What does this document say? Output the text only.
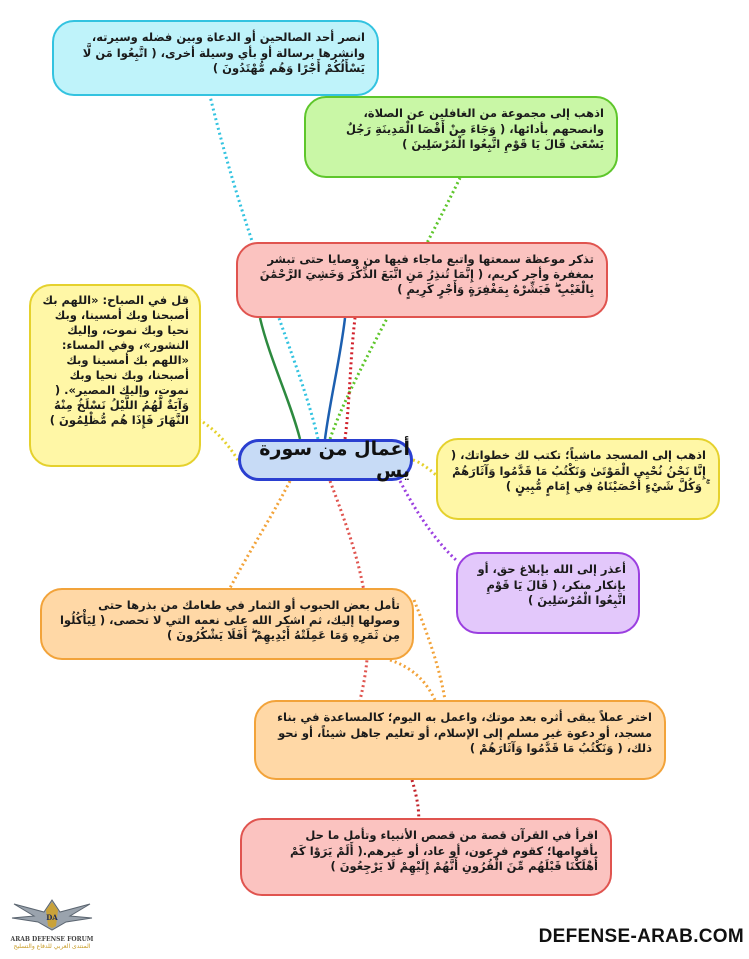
انصر أحد الصالحين أو الدعاة وبين فضله وسيرته، وانشرها برسالة أو بأي وسيلة أخرى، ( اتَّبِعُوا مَن لَّا يَسْأَلُكُمْ أَجْرًا وَهُم مُّهْتَدُونَ )
اذهب إلى مجموعة من الغافلين عن الصلاة، وانصحهم بأدائها، ( وَجَاءَ مِنْ أَقْصَا الْمَدِينَةِ رَجُلٌ يَسْعَىٰ قَالَ يَا قَوْمِ اتَّبِعُوا الْمُرْسَلِينَ )
تذكر موعظة سمعتها واتبع ماجاء فيها من وصايا حتى تبشر بمغفرة وأجر كريم، ( إِنَّمَا تُنذِرُ مَنِ اتَّبَعَ الذِّكْرَ وَخَشِيَ الرَّحْمَٰنَ بِالْغَيْبِ ۖ فَبَشِّرْهُ بِمَغْفِرَةٍ وَأَجْرٍ كَرِيمٍ )
قل في الصباح: «اللهم بك أصبحنا وبك أمسينا، وبك نحيا وبك نموت، وإليك النشور»، وفي المساء: «اللهم بك أمسينا وبك أصبحنا، وبك نحيا وبك نموت، وإليك المصير». ( وَآيَةٌ لَّهُمُ اللَّيْلُ نَسْلَخُ مِنْهُ النَّهَارَ فَإِذَا هُم مُّظْلِمُونَ )
أعمال من سورة يس
اذهب إلى المسجد ماشياً؛ تكتب لك خطواتك، ( إِنَّا نَحْنُ نُحْيِي الْمَوْتَىٰ وَنَكْتُبُ مَا قَدَّمُوا وَآثَارَهُمْ ۚ وَكُلَّ شَيْءٍ أَحْصَيْنَاهُ فِي إِمَامٍ مُّبِينٍ )
أعذر إلى الله بإبلاغ حق، أو بإنكار منكر، ( قَالَ يَا قَوْمِ اتَّبِعُوا الْمُرْسَلِينَ )
تأمل بعض الحبوب أو الثمار في طعامك من بذرها حتى وصولها إليك، ثم اشكر الله على نعمه التي لا تحصى، ( لِيَأْكُلُوا مِن ثَمَرِهِ وَمَا عَمِلَتْهُ أَيْدِيهِمْ ۖ أَفَلَا يَشْكُرُونَ )
اختر عملاً يبقى أثره بعد موتك، واعمل به اليوم؛ كالمساعدة في بناء مسجد، أو دعوة غير مسلم إلى الإسلام، أو تعليم جاهل شيئاً، أو نحو ذلك، ( وَنَكْتُبُ مَا قَدَّمُوا وَآثَارَهُمْ )
اقرأ في القرآن قصة من قصص الأنبياء وتأمل ما حل بأقوامها؛ كقوم فرعون، أو عاد، أو غيرهم.( أَلَمْ يَرَوْا كَمْ أَهْلَكْنَا قَبْلَهُم مِّنَ الْقُرُونِ أَنَّهُمْ إِلَيْهِمْ لَا يَرْجِعُونَ )
DA
ARAB DEFENSE FORUM
المنتدى العربي للدفاع والتسليح	DEFENSE-ARAB.COM
